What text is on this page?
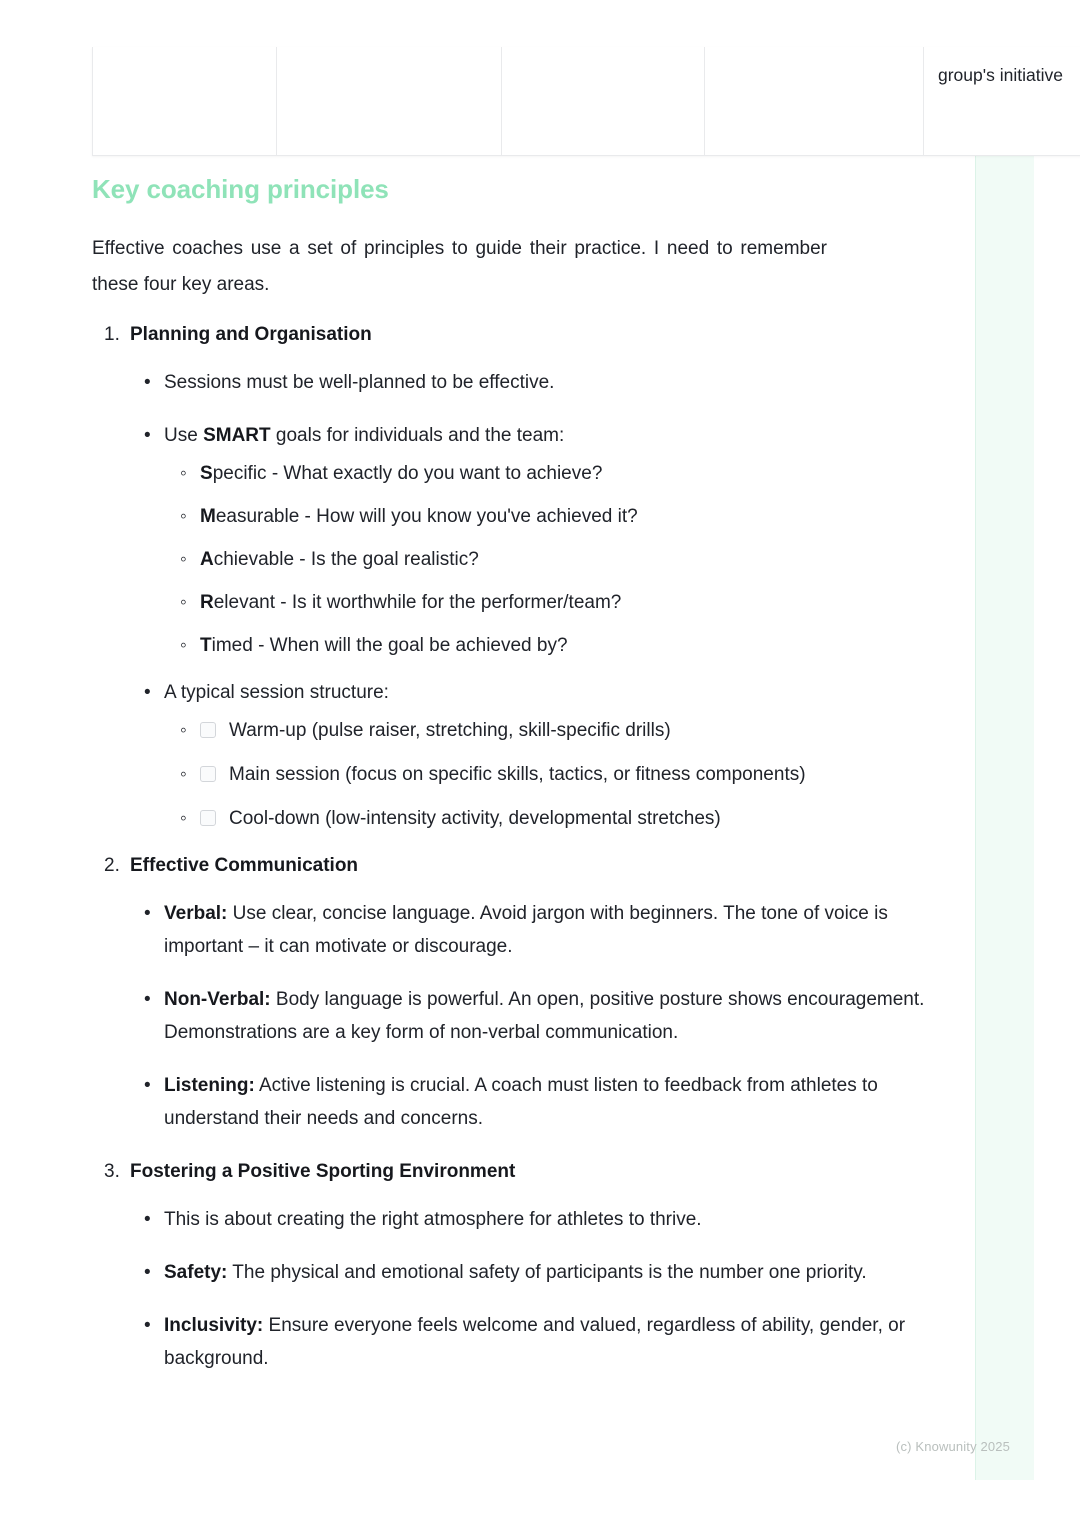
				group's initiative
Key coaching principles

Effective coaches use a set of principles to guide their practice. I need to remember these four key areas.

Planning and Organisation
• Sessions must be well-planned to be effective.
• Use SMART goals for individuals and the team:
◦ Specific - What exactly do you want to achieve?
◦ Measurable - How will you know you've achieved it?
◦ Achievable - Is the goal realistic?
◦ Relevant - Is it worthwhile for the performer/team?
◦ Timed - When will the goal be achieved by?
• A typical session structure:
◦ Warm-up (pulse raiser, stretching, skill-specific drills)
◦ Main session (focus on specific skills, tactics, or fitness components)
◦ Cool-down (low-intensity activity, developmental stretches)
Effective Communication
• Verbal: Use clear, concise language. Avoid jargon with beginners. The tone of voice is important – it can motivate or discourage.
• Non-Verbal: Body language is powerful. An open, positive posture shows encouragement. Demonstrations are a key form of non-verbal communication.
• Listening: Active listening is crucial. A coach must listen to feedback from athletes to understand their needs and concerns.
Fostering a Positive Sporting Environment
• This is about creating the right atmosphere for athletes to thrive.
• Safety: The physical and emotional safety of participants is the number one priority.
• Inclusivity: Ensure everyone feels welcome and valued, regardless of ability, gender, or background.
(c) Knowunity 2025
